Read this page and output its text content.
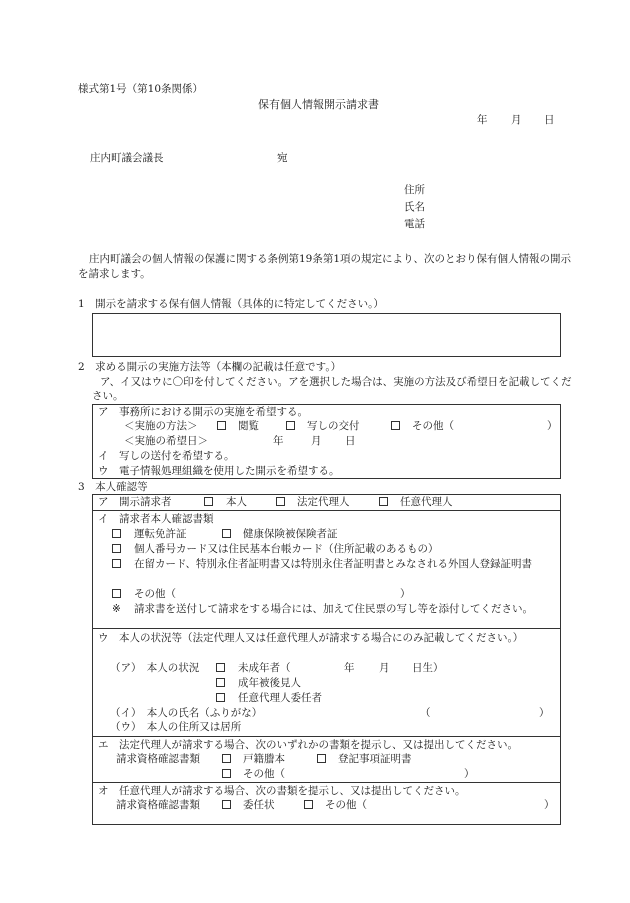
様式第1号（第10条関係）
保有個人情報開示請求書
年 月 日
庄内町議会議長	宛
住所
氏名
電話
庄内町議会の個人情報の保護に関する条例第19条第1項の規定により、次のとおり保有個人情報の開示を請求します。
1　開示を請求する保有個人情報（具体的に特定してください。）
2　求める開示の実施方法等（本欄の記載は任意です。）
ア、イ又はウに〇印を付してください。アを選択した場合は、実施の方法及び希望日を記載してください。
ア　事務所における開示の実施を希望する。
＜実施の方法＞	閲覧	写しの交付	その他（	）
＜実施の希望日＞	年	月 日
イ　写しの送付を希望する。
ウ　電子情報処理組織を使用した開示を希望する。
3　本人確認等
ア　開示請求者	本人	法定代理人	任意代理人
イ　請求者本人確認書類
運転免許証	健康保険被保険者証
個人番号カード又は住民基本台帳カード（住所記載のあるもの）
在留カード、特別永住者証明書又は特別永住者証明書とみなされる外国人登録証明書
その他（	）
※ 請求書を送付して請求をする場合には、加えて住民票の写し等を添付してください。
ウ　本人の状況等（法定代理人又は任意代理人が請求する場合にのみ記載してください。）
（ア）　本人の状況	未成年者（	年 月 日生）
成年被後見人
任意代理人委任者
（イ）　本人の氏名（ふりがな）	（	）
（ウ）　本人の住所又は居所
エ　法定代理人が請求する場合、次のいずれかの書類を提示し、又は提出してください。
請求資格確認書類	戸籍謄本	登記事項証明書
その他（	）
オ　任意代理人が請求する場合、次の書類を提示し、又は提出してください。
請求資格確認書類	委任状	その他（	）
